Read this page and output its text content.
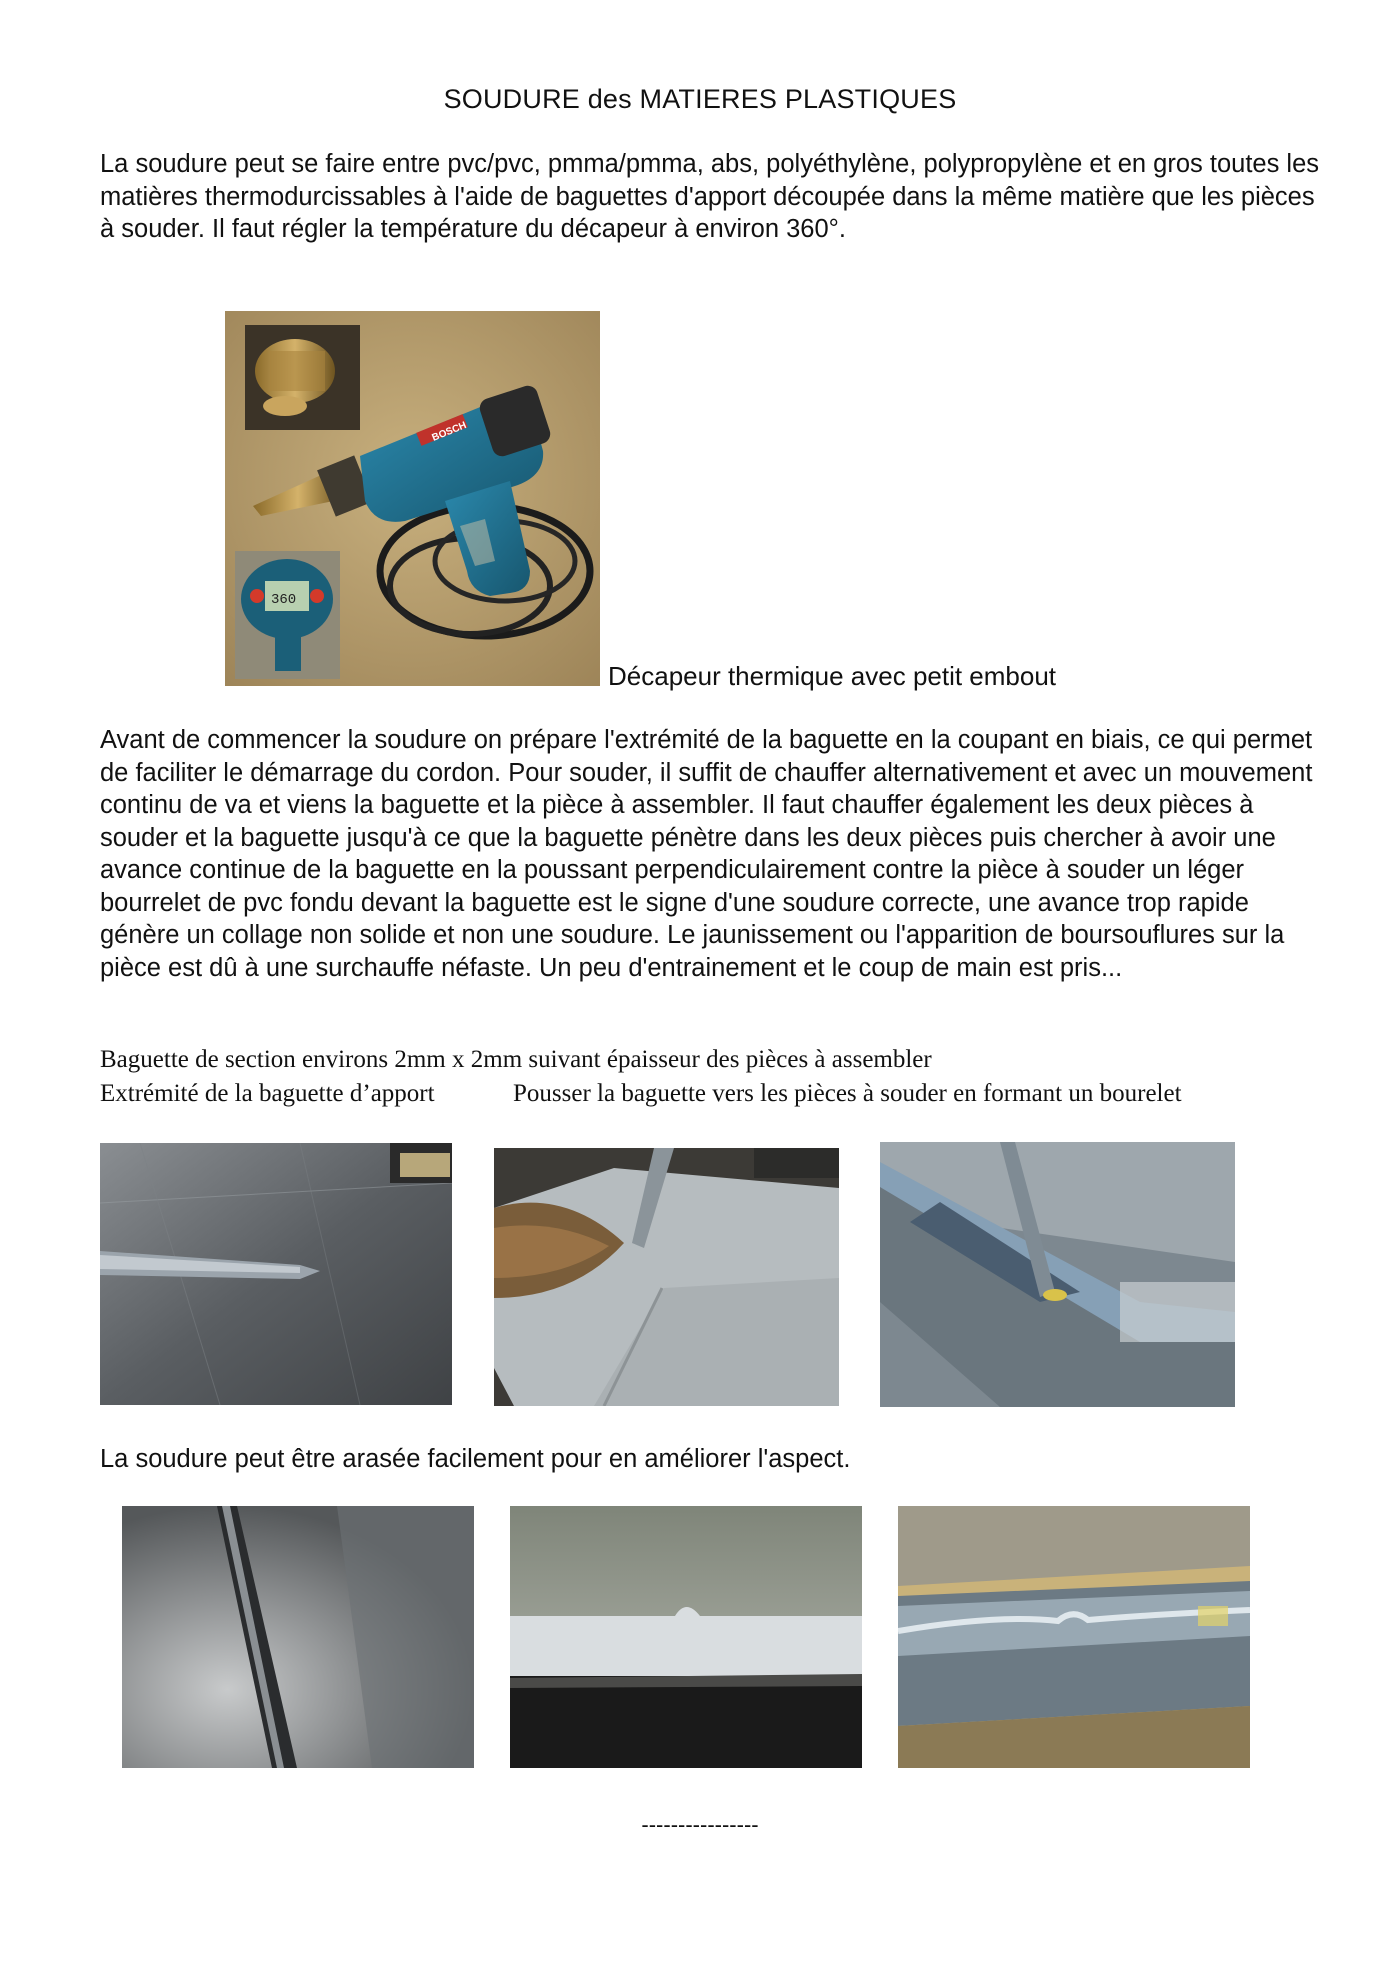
SOUDURE des MATIERES PLASTIQUES
La soudure peut se faire entre pvc/pvc, pmma/pmma, abs, polyéthylène, polypropylène et en gros toutes les matières thermodurcissables à l'aide de baguettes d'apport découpée dans la même matière que les pièces à souder. Il faut régler la température du décapeur à environ 360°.
BOSCH
360
Décapeur thermique avec petit embout
Avant de commencer la soudure on prépare l'extrémité de la baguette en la coupant en biais, ce qui permet de faciliter le démarrage du cordon. Pour souder, il suffit de chauffer alternativement et avec un mouvement continu de va et viens la baguette et la pièce à assembler. Il faut chauffer également les deux pièces à souder et la baguette jusqu'à ce que la baguette pénètre dans les deux pièces puis chercher à avoir une avance continue de la baguette en la poussant perpendiculairement contre la pièce à souder un léger bourrelet de pvc fondu devant la baguette est le signe d'une soudure correcte, une avance trop rapide génère un collage non solide et non une soudure. Le jaunissement ou l'apparition de boursouflures sur la pièce est dû à une surchauffe néfaste. Un peu d'entrainement et le coup de main est pris...
Baguette de section environs 2mm x 2mm suivant épaisseur des pièces à assembler
Extrémité de la baguette d’apport	Pousser la baguette vers les pièces à souder en formant un bourelet
La soudure peut être arasée facilement pour en améliorer l'aspect.
----------------
